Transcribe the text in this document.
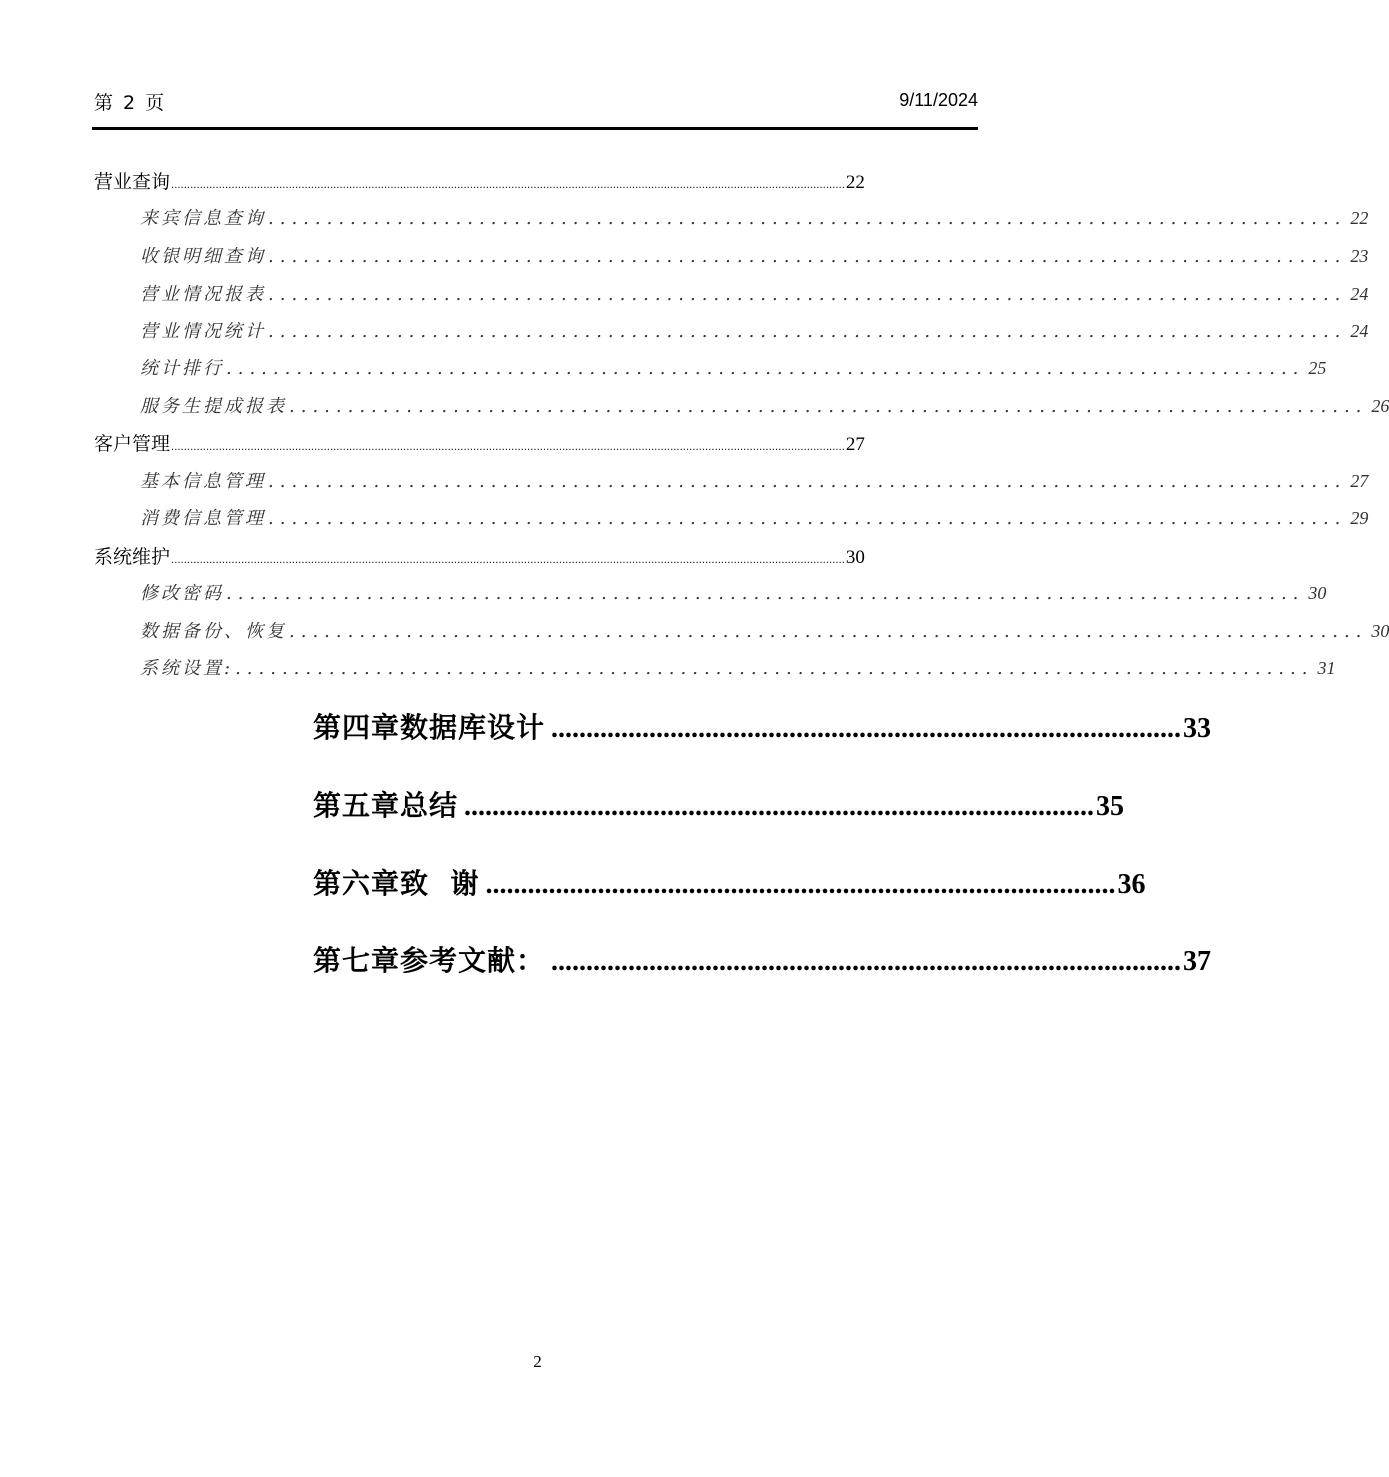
第 2 页	9/11/2024
营业查询 .................................................................................................................................................................................................................... 22
来宾信息查询 ............................................................................................ 22
收银明细查询 ............................................................................................ 23
营业情况报表 ............................................................................................ 24
营业情况统计 ............................................................................................ 24
统计排行 ............................................................................................ 25
服务生提成报表 ............................................................................................ 26
客户管理 .................................................................................................................................................................................................................... 27
基本信息管理 ............................................................................................ 27
消费信息管理 ............................................................................................ 29
系统维护 .................................................................................................................................................................................................................... 30
修改密码 ............................................................................................ 30
数据备份、恢复 ............................................................................................ 30
系统设置: ............................................................................................ 31
第四章 数据库设计 .......................................................................................... 33
第五章 总结 .......................................................................................... 35
第六章 致  谢 .......................................................................................... 36
第七章 参考文献： .......................................................................................... 37
2
